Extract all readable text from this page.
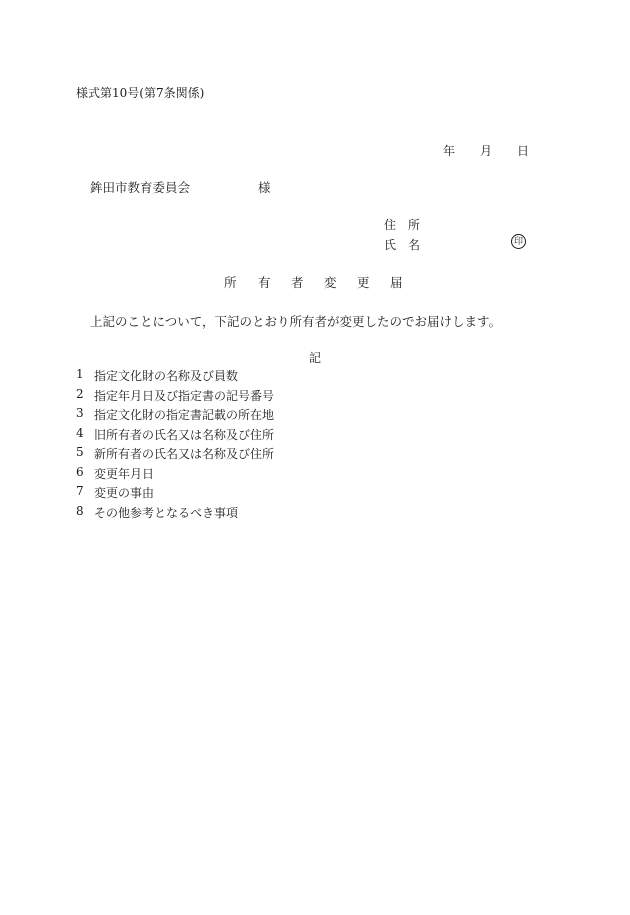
様式第10号(第7条関係)
年 月 日
鉾田市教育委員会	様
住 所
氏 名	印
所 有 者 変 更 届
上記のことについて，下記のとおり所有者が変更したのでお届けします。
記
1 指定文化財の名称及び員数
2 指定年月日及び指定書の記号番号
3 指定文化財の指定書記載の所在地
4 旧所有者の氏名又は名称及び住所
5 新所有者の氏名又は名称及び住所
6 変更年月日
7 変更の事由
8 その他参考となるべき事項
